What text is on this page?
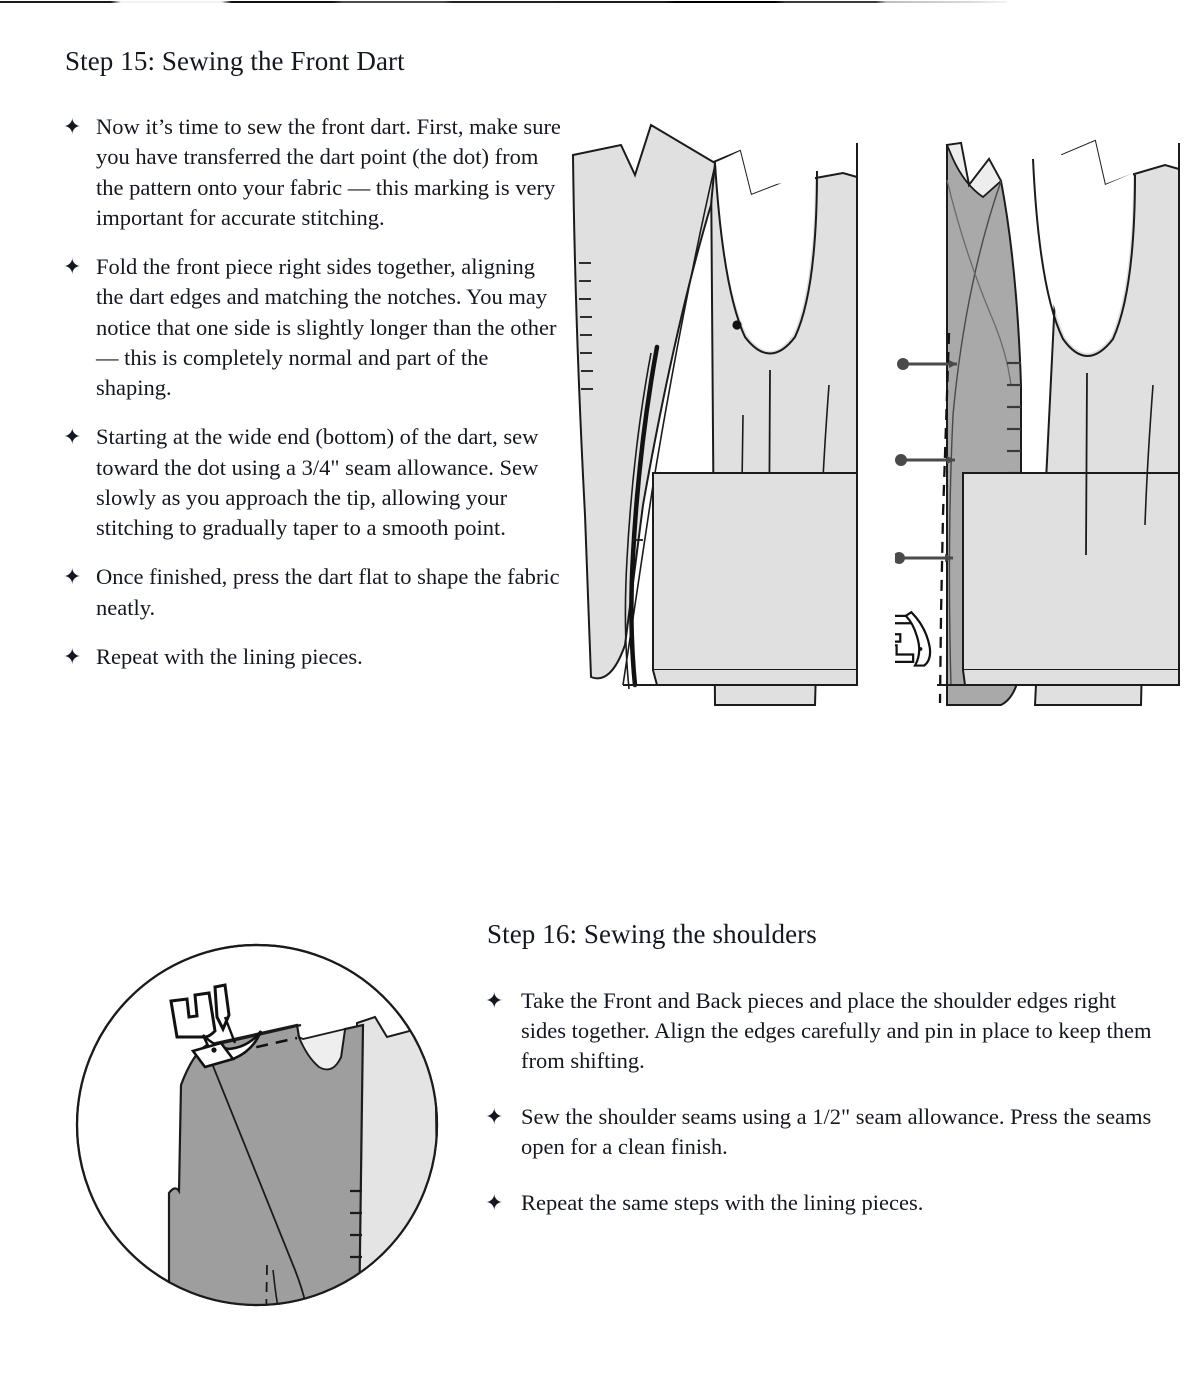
Step 15: Sewing the Front Dart
✦ Now it’s time to sew the front dart. First, make sure you have transferred the dart point (the dot) from the pattern onto your fabric — this marking is very important for accurate stitching.
✦ Fold the front piece right sides together, aligning the dart edges and matching the notches. You may notice that one side is slightly longer than the other — this is completely normal and part of the shaping.
✦ Starting at the wide end (bottom) of the dart, sew toward the dot using a 3/4" seam allowance. Sew slowly as you approach the tip, allowing your stitching to gradually taper to a smooth point.
✦ Once finished, press the dart flat to shape the fabric neatly.
✦ Repeat with the lining pieces.
Step 16: Sewing the shoulders
✦ Take the Front and Back pieces and place the shoulder edges right sides together. Align the edges carefully and pin in place to keep them from shifting.
✦ Sew the shoulder seams using a 1/2" seam allowance. Press the seams open for a clean finish.
✦ Repeat the same steps with the lining pieces.
